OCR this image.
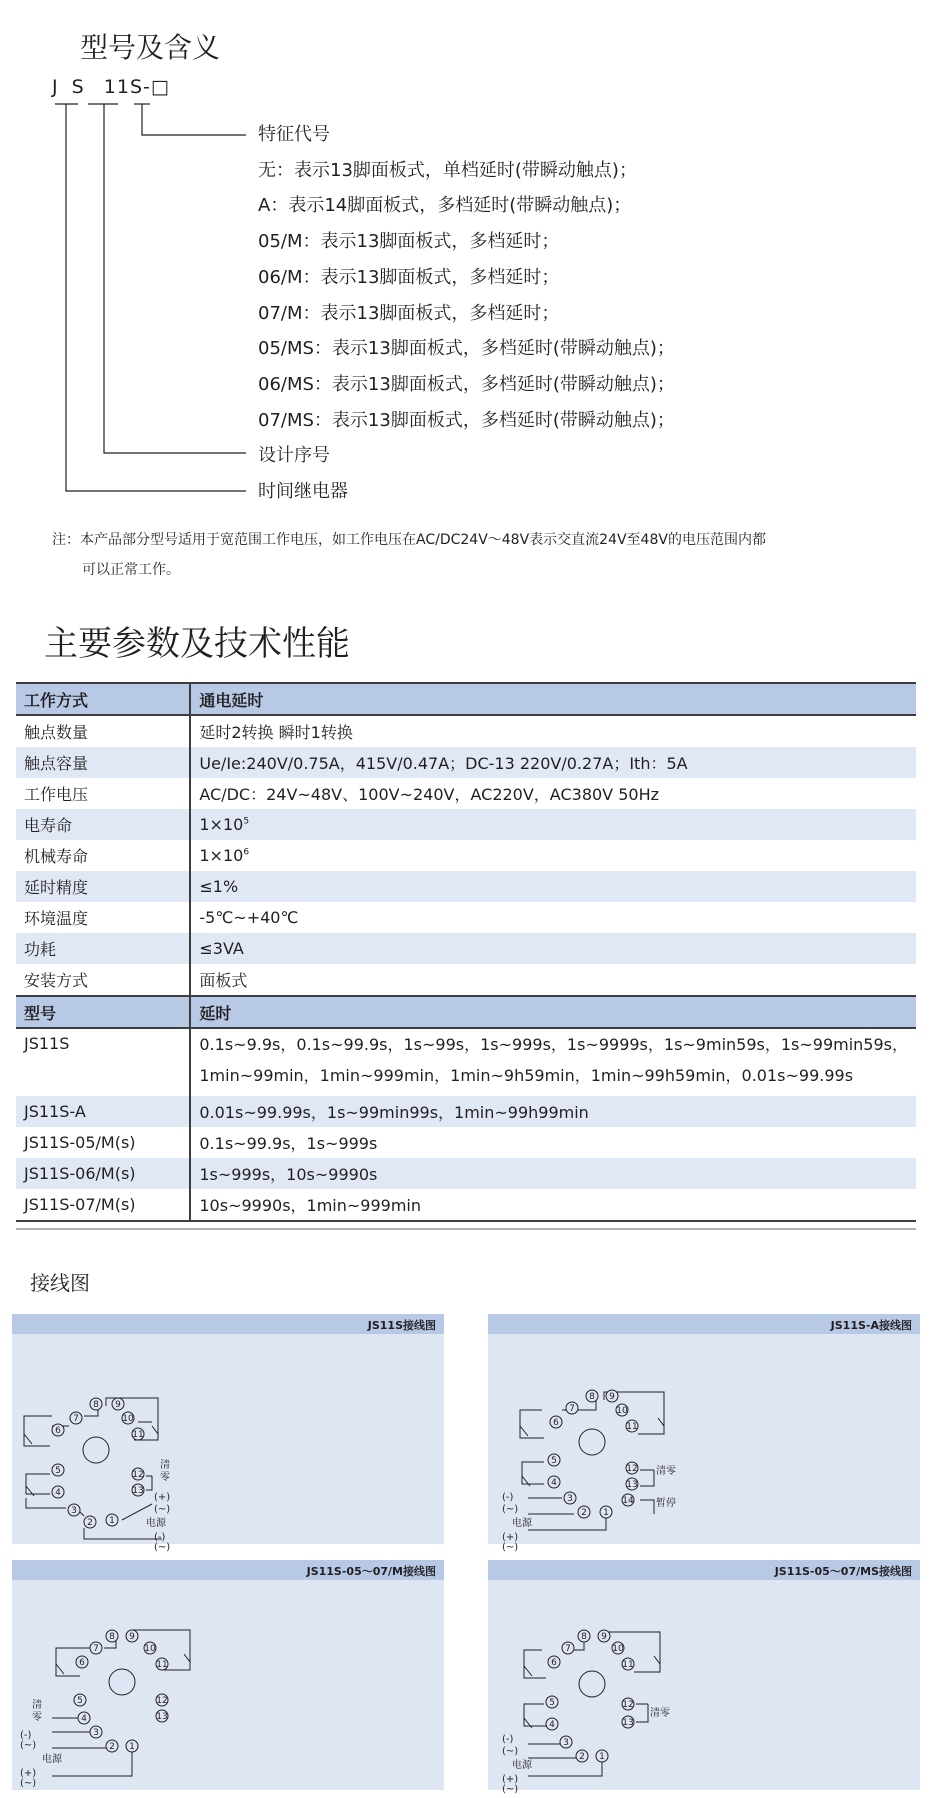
型号及含义
J S 11S-□
特征代号
无：表示13脚面板式，单档延时(带瞬动触点)；
A：表示14脚面板式，多档延时(带瞬动触点)；
05/M：表示13脚面板式，多档延时；
06/M：表示13脚面板式，多档延时；
07/M：表示13脚面板式，多档延时；
05/MS：表示13脚面板式，多档延时(带瞬动触点)；
06/MS：表示13脚面板式，多档延时(带瞬动触点)；
07/MS：表示13脚面板式，多档延时(带瞬动触点)；
设计序号
时间继电器
注：本产品部分型号适用于宽范围工作电压，如工作电压在AC/DC24V～48V表示交直流24V至48V的电压范围内都
可以正常工作。
主要参数及技术性能
工作方式	通电延时
触点数量	延时2转换 瞬时1转换
触点容量	Ue/Ie:240V/0.75A，415V/0.47A；DC-13 220V/0.27A；Ith：5A
工作电压	AC/DC：24V~48V、100V~240V，AC220V，AC380V 50Hz
电寿命	$1\times 10^5$
机械寿命	$1\times 10^6$
延时精度	≤1%
环境温度	-5℃~+40℃
功耗	≤3VA
安装方式	面板式
型号	延时
JS11S	0.1s~9.9s，0.1s~99.9s，1s~99s，1s~999s，1s~9999s，1s~9min59s，1s~99min59s，
1min~99min，1min~999min，1min~9h59min，1min~99h59min，0.01s~99.99s

JS11S-A	0.01s~99.99s，1s~99min99s，1min~99h99min
JS11S-05/M(s)	0.1s~99.9s，1s~999s
JS11S-06/M(s)	1s~999s，10s~9990s
JS11S-07/M(s)	10s~9990s，1min~999min
接线图
JS11S接线图
7
8
6
5
4
3
2 1
9
10
11
12
13
清
零
(+)
(~)
电源
(-)
(~)
JS11S-A接线图
7
8
6
5
4
3
2 1
9
10
11
12
13
14
清零
暂停
(-)
(~)
电源
(+)
(~)
JS11S-05～07/M接线图
7
8
6
5
4
3
2 1
9
10
11
12
13
清
零
(-)
(~)
电源
(+)
(~)
JS11S-05～07/MS接线图
7
8
6
5
4
3
2 1
9
10
11
12
13
清零
(-)
(~)
电源
(+)
(~)
